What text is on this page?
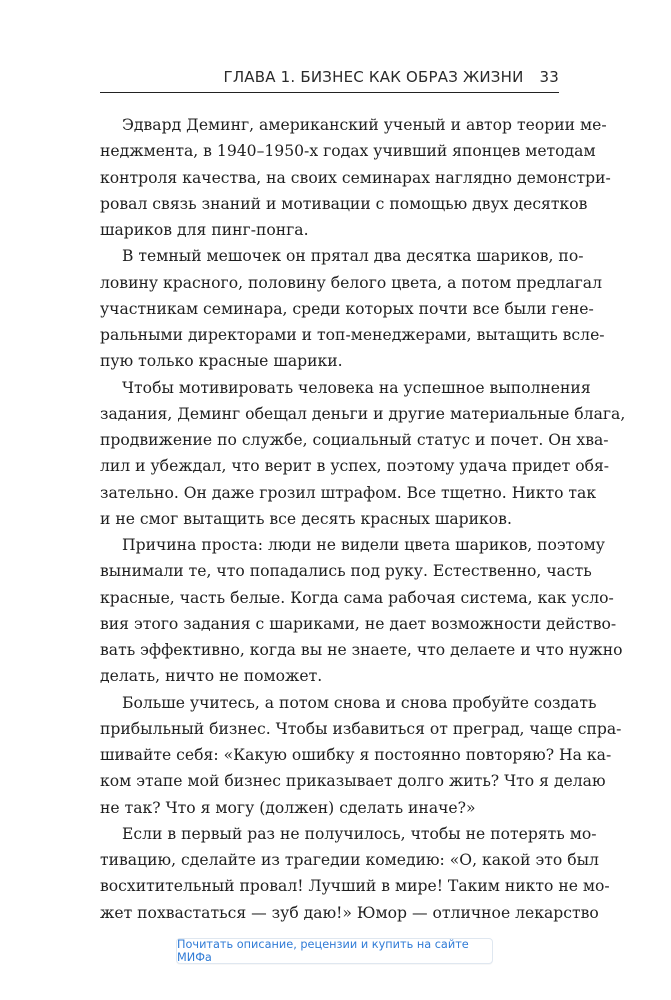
ГЛАВА 1. БИЗНЕС КАК ОБРАЗ ЖИЗНИ 33

Эдвард Деминг, американский ученый и автор теории ме-
неджмента, в 1940–1950-х годах учивший японцев методам
контроля качества, на своих семинарах наглядно демонстри-
ровал связь знаний и мотивации с помощью двух десятков
шариков для пинг-понга.

В темный мешочек он прятал два десятка шариков, по-
ловину красного, половину белого цвета, а потом предлагал
участникам семинара, среди которых почти все были гене-
ральными директорами и топ-менеджерами, вытащить всле-
пую только красные шарики.

Чтобы мотивировать человека на успешное выполнения
задания, Деминг обещал деньги и другие материальные блага,
продвижение по службе, социальный статус и почет. Он хва-
лил и убеждал, что верит в успех, поэтому удача придет обя-
зательно. Он даже грозил штрафом. Все тщетно. Никто так
и не смог вытащить все десять красных шариков.

Причина проста: люди не видели цвета шариков, поэтому
вынимали те, что попадались под руку. Естественно, часть
красные, часть белые. Когда сама рабочая система, как усло-
вия этого задания с шариками, не дает возможности действо-
вать эффективно, когда вы не знаете, что делаете и что нужно
делать, ничто не поможет.

Больше учитесь, а потом снова и снова пробуйте создать
прибыльный бизнес. Чтобы избавиться от преград, чаще спра-
шивайте себя: «Какую ошибку я постоянно повторяю? На ка-
ком этапе мой бизнес приказывает долго жить? Что я делаю
не так? Что я могу (должен) сделать иначе?»

Если в первый раз не получилось, чтобы не потерять мо-
тивацию, сделайте из трагедии комедию: «О, какой это был
восхитительный провал! Лучший в мире! Таким никто не мо-
жет похвастаться — зуб даю!» Юмор — отличное лекарство

Почитать описание, рецензии и купить на сайте МИФа
